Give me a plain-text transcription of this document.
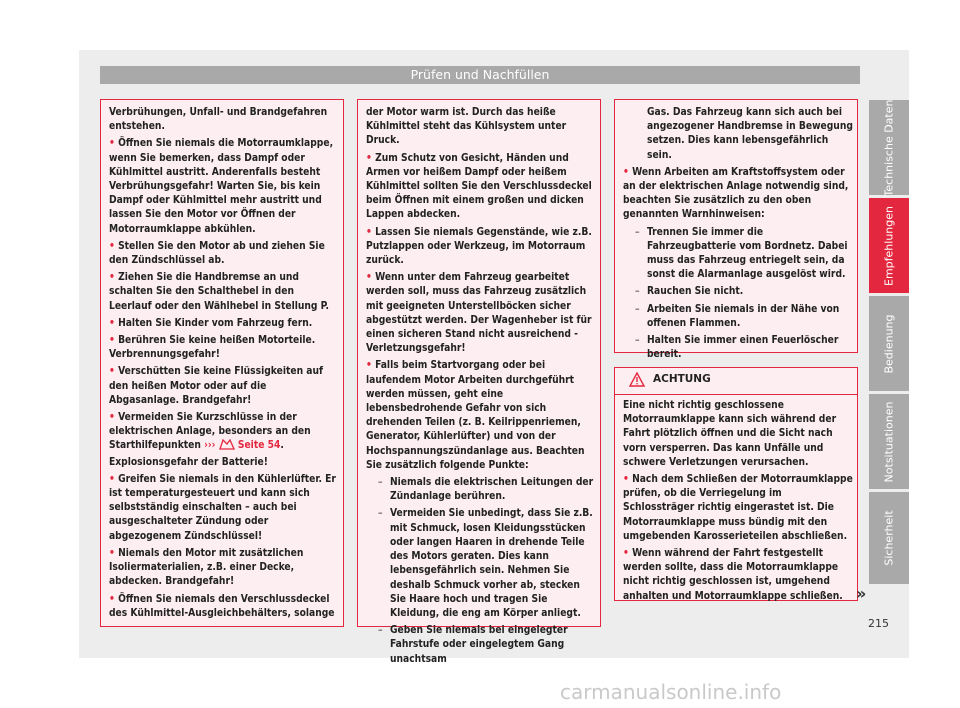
Prüfen und Nachfüllen

Verbrühungen, Unfall- und Brandgefahren entstehen.

• Öffnen Sie niemals die Motorraumklappe, wenn Sie bemerken, dass Dampf oder Kühlmittel austritt. Anderenfalls besteht Verbrühungsgefahr! Warten Sie, bis kein Dampf oder Kühlmittel mehr austritt und lassen Sie den Motor vor Öffnen der Motorraumklappe abkühlen.

• Stellen Sie den Motor ab und ziehen Sie den Zündschlüssel ab.

• Ziehen Sie die Handbremse an und schalten Sie den Schalthebel in den Leerlauf oder den Wählhebel in Stellung P.

• Halten Sie Kinder vom Fahrzeug fern.

• Berühren Sie keine heißen Motorteile. Verbrennungsgefahr!

• Verschütten Sie keine Flüssigkeiten auf den heißen Motor oder auf die Abgasanlage. Brandgefahr!

• Vermeiden Sie Kurzschlüsse in der elektrischen Anlage, besonders an den Starthilfepunkten ››› Seite 54. Explosionsgefahr der Batterie!

• Greifen Sie niemals in den Kühlerlüfter. Er ist temperaturgesteuert und kann sich selbstständig einschalten – auch bei ausgeschalteter Zündung oder abgezogenem Zündschlüssel!

• Niemals den Motor mit zusätzlichen Isoliermaterialien, z.B. einer Decke, abdecken. Brandgefahr!

• Öffnen Sie niemals den Verschlussdeckel des Kühlmittel-Ausgleichbehälters, solange

der Motor warm ist. Durch das heiße Kühlmittel steht das Kühlsystem unter Druck.

• Zum Schutz von Gesicht, Händen und Armen vor heißem Dampf oder heißem Kühlmittel sollten Sie den Verschlussdeckel beim Öffnen mit einem großen und dicken Lappen abdecken.

• Lassen Sie niemals Gegenstände, wie z.B. Putzlappen oder Werkzeug, im Motorraum zurück.

• Wenn unter dem Fahrzeug gearbeitet werden soll, muss das Fahrzeug zusätzlich mit geeigneten Unterstellböcken sicher abgestützt werden. Der Wagenheber ist für einen sicheren Stand nicht ausreichend - Verletzungsgefahr!

• Falls beim Startvorgang oder bei laufendem Motor Arbeiten durchgeführt werden müssen, geht eine lebensbedrohende Gefahr von sich drehenden Teilen (z. B. Keilrippenriemen, Generator, Kühlerlüfter) und von der Hochspannungszündanlage aus. Beachten Sie zusätzlich folgende Punkte:

– Niemals die elektrischen Leitungen der Zündanlage berühren.
– Vermeiden Sie unbedingt, dass Sie z.B. mit Schmuck, losen Kleidungsstücken oder langen Haaren in drehende Teile des Motors geraten. Dies kann lebensgefährlich sein. Nehmen Sie deshalb Schmuck vorher ab, stecken Sie Haare hoch und tragen Sie Kleidung, die eng am Körper anliegt.
– Geben Sie niemals bei eingelegter Fahrstufe oder eingelegtem Gang unachtsam

Gas. Das Fahrzeug kann sich auch bei angezogener Handbremse in Bewegung setzen. Dies kann lebensgefährlich sein.

• Wenn Arbeiten am Kraftstoffsystem oder an der elektrischen Anlage notwendig sind, beachten Sie zusätzlich zu den oben genannten Warnhinweisen:

– Trennen Sie immer die Fahrzeugbatterie vom Bordnetz. Dabei muss das Fahrzeug entriegelt sein, da sonst die Alarmanlage ausgelöst wird.
– Rauchen Sie nicht.
– Arbeiten Sie niemals in der Nähe von offenen Flammen.
– Halten Sie immer einen Feuerlöscher bereit.
ACHTUNG

Eine nicht richtig geschlossene Motorraumklappe kann sich während der Fahrt plötzlich öffnen und die Sicht nach vorn versperren. Das kann Unfälle und schwere Verletzungen verursachen.

• Nach dem Schließen der Motorraumklappe prüfen, ob die Verriegelung im Schlossträger richtig eingerastet ist. Die Motorraumklappe muss bündig mit den umgebenden Karosserieteilen abschließen.

• Wenn während der Fahrt festgestellt werden sollte, dass die Motorraumklappe nicht richtig geschlossen ist, umgehend anhalten und Motorraumklappe schließen. »
Technische Daten
Empfehlungen
Bedienung
Notsituationen
Sicherheit
215
carmanualsonline.info
